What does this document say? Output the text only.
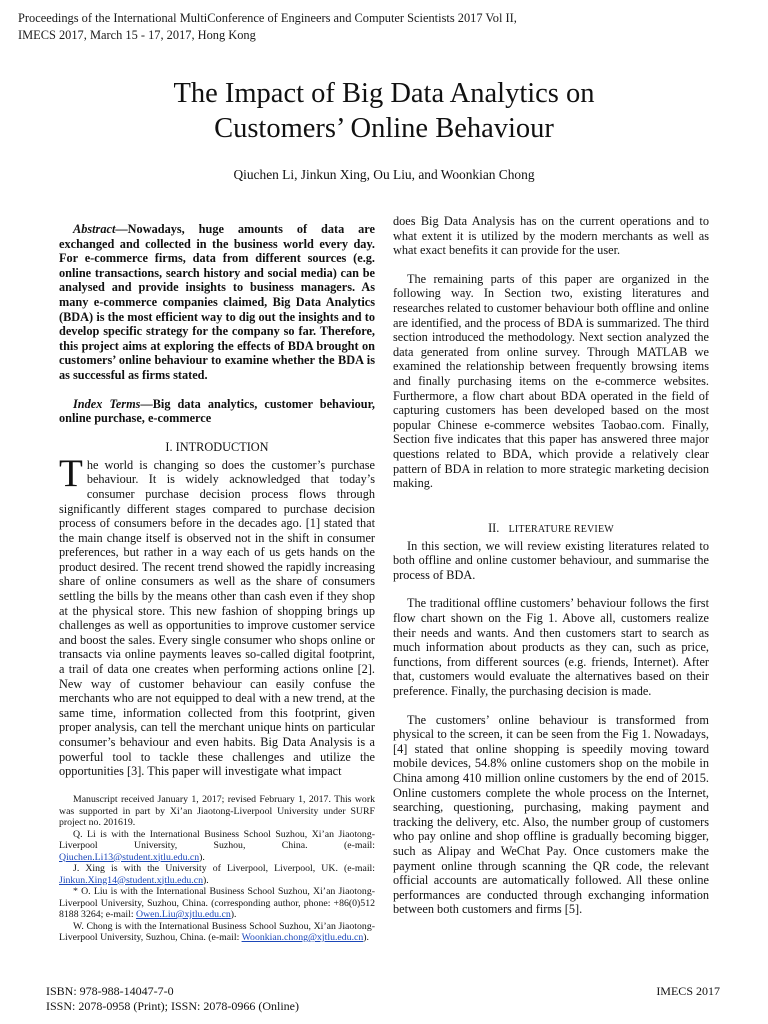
Proceedings of the International MultiConference of Engineers and Computer Scientists 2017 Vol II,
IMECS 2017, March 15 - 17, 2017, Hong Kong
The Impact of Big Data Analytics on
Customers’ Online Behaviour
Qiuchen Li, Jinkun Xing, Ou Liu, and Woonkian Chong

Abstract—Nowadays, huge amounts of data are exchanged and collected in the business world every day. For e-commerce firms, data from different sources (e.g. online transactions, search history and social media) can be analysed and provide insights to business managers. As many e-commerce companies claimed, Big Data Analytics (BDA) is the most efficient way to dig out the insights and to develop specific strategy for the company so far. Therefore, this project aims at exploring the effects of BDA brought on customers’ online behaviour to examine whether the BDA is as successful as firms stated.

Index Terms—Big data analytics, customer behaviour, online purchase, e-commerce

I. INTRODUCTION

The world is changing so does the customer’s purchase behaviour. It is widely acknowledged that today’s consumer purchase decision process flows through significantly different stages compared to purchase decision process of consumers before in the decades ago. [1] stated that the main change itself is observed not in the shift in consumer preferences, but rather in a way each of us gets hands on the product desired. The recent trend showed the rapidly increasing share of online consumers as well as the share of consumers settling the bills by the means other than cash even if they shop at the physical store. This new fashion of shopping brings up challenges as well as opportunities to improve customer service and boost the sales. Every single consumer who shops online or transacts via online payments leaves so-called digital footprint, a trail of data one creates when performing actions online [2]. New way of customer behaviour can easily confuse the merchants who are not equipped to deal with a new trend, at the same time, information collected from this footprint, given proper analysis, can tell the merchant unique hints on particular consumer’s behaviour and even habits. Big Data Analysis is a powerful tool to tackle these challenges and utilize the opportunities [3]. This paper will investigate what impact

does Big Data Analysis has on the current operations and to what extent it is utilized by the modern merchants as well as what exact benefits it can provide for the user.

The remaining parts of this paper are organized in the following way. In Section two, existing literatures and researches related to customer behaviour both offline and online are identified, and the process of BDA is summarized. The third section introduced the methodology. Next section analyzed the data generated from online survey. Through MATLAB we examined the relationship between frequently browsing items and finally purchasing items on the e-commerce websites. Furthermore, a flow chart about BDA operated in the field of capturing customers has been developed based on the most popular Chinese e-commerce websites Taobao.com. Finally, Section five indicates that this paper has answered three major questions related to BDA, which provide a relatively clear pattern of BDA in relation to more strategic marketing decision making.

II. LITERATURE REVIEW

In this section, we will review existing literatures related to both offline and online customer behaviour, and summarise the process of BDA.

The traditional offline customers’ behaviour follows the first flow chart shown on the Fig 1. Above all, customers realize their needs and wants. And then customers start to search as much information about products as they can, such as price, functions, from different sources (e.g. friends, Internet). After that, customers would evaluate the alternatives based on their preference. Finally, the purchasing decision is made.

The customers’ online behaviour is transformed from physical to the screen, it can be seen from the Fig 1. Nowadays, [4] stated that online shopping is speedily moving toward mobile devices, 54.8% online customers shop on the mobile in China among 410 million online customers by the end of 2015. Online customers complete the whole process on the Internet, searching, questioning, purchasing, making payment and tracking the delivery, etc. Also, the number group of customers who pay online and shop offline is gradually becoming bigger, such as Alipay and WeChat Pay. Once customers make the payment online through scanning the QR code, the relevant official accounts are automatically followed. All these online performances are conducted through exchanging information between both customers and firms [5].

Manuscript received January 1, 2017; revised February 1, 2017. This work was supported in part by Xi’an Jiaotong-Liverpool University under SURF project no. 201619.

Q. Li is with the International Business School Suzhou, Xi’an Jiaotong-Liverpool University, Suzhou, China. (e-mail: Qiuchen.Li13@student.xjtlu.edu.cn).

J. Xing is with the University of Liverpool, Liverpool, UK. (e-mail: Jinkun.Xing14@student.xjtlu.edu.cn).

* O. Liu is with the International Business School Suzhou, Xi’an Jiaotong-Liverpool University, Suzhou, China. (corresponding author, phone: +86(0)512 8188 3264; e-mail: Owen.Liu@xjtlu.edu.cn).

W. Chong is with the International Business School Suzhou, Xi’an Jiaotong-Liverpool University, Suzhou, China. (e-mail: Woonkian.chong@xjtlu.edu.cn).

ISBN: 978-988-14047-7-0
ISSN: 2078-0958 (Print); ISSN: 2078-0966 (Online)
IMECS 2017
